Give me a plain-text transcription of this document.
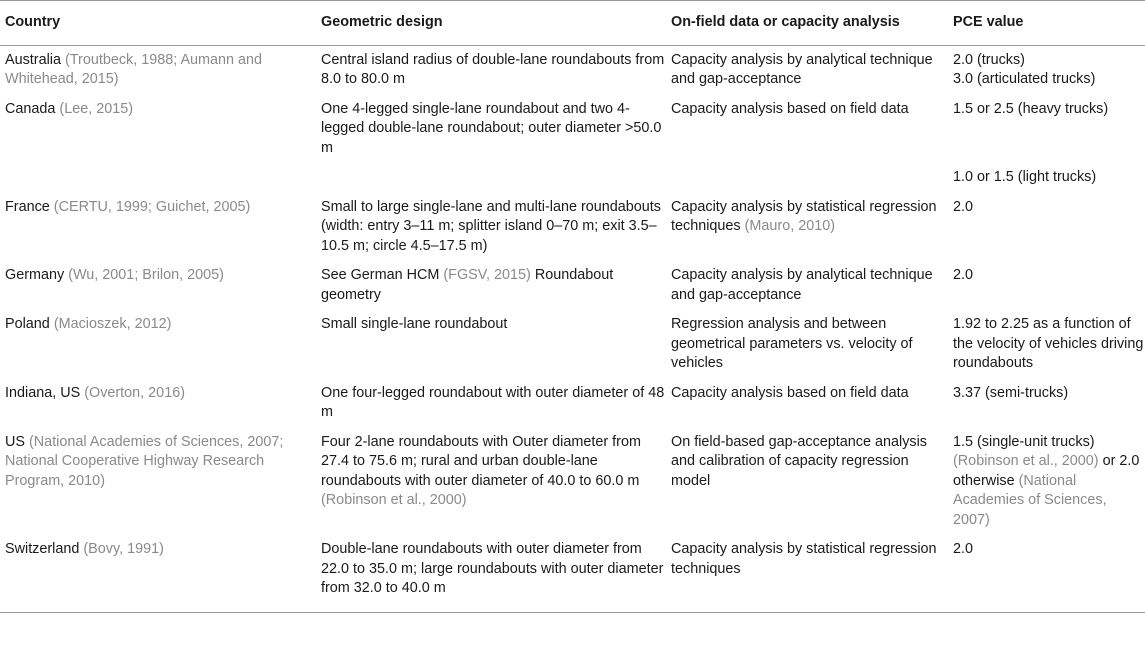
Country	Geometric design	On-field data or capacity analysis	PCE value
Australia (Troutbeck, 1988; Aumann and Whitehead, 2015)	Central island radius of double-lane roundabouts from 8.0 to 80.0 m	Capacity analysis by analytical technique and gap-acceptance	2.0 (trucks)
3.0 (articulated trucks)

Canada (Lee, 2015)	One 4-legged single-lane roundabout and two 4-legged double-lane roundabout; outer diameter >50.0 m	Capacity analysis based on field data	1.5 or 2.5 (heavy trucks)
			1.0 or 1.5 (light trucks)
France (CERTU, 1999; Guichet, 2005)	Small to large single-lane and multi-lane roundabouts (width: entry 3–11 m; splitter island 0–70 m; exit 3.5–10.5 m; circle 4.5–17.5 m)	Capacity analysis by statistical regression techniques (Mauro, 2010)	2.0
Germany (Wu, 2001; Brilon, 2005)	See German HCM (FGSV, 2015) Roundabout geometry	Capacity analysis by analytical technique and gap-acceptance	2.0
Poland (Macioszek, 2012)	Small single-lane roundabout	Regression analysis and between geometrical parameters vs. velocity of vehicles	1.92 to 2.25 as a function of the velocity of vehicles driving roundabouts
Indiana, US (Overton, 2016)	One four-legged roundabout with outer diameter of 48 m	Capacity analysis based on field data	3.37 (semi-trucks)
US (National Academies of Sciences, 2007; National Cooperative Highway Research Program, 2010)	Four 2-lane roundabouts with Outer diameter from 27.4 to 75.6 m; rural and urban double-lane roundabouts with outer diameter of 40.0 to 60.0 m (Robinson et al., 2000)	On field-based gap-acceptance analysis and calibration of capacity regression model	1.5 (single-unit trucks) (Robinson et al., 2000) or 2.0 otherwise (National Academies of Sciences, 2007)
Switzerland (Bovy, 1991)	Double-lane roundabouts with outer diameter from 22.0 to 35.0 m; large roundabouts with outer diameter from 32.0 to 40.0 m	Capacity analysis by statistical regression techniques	2.0
